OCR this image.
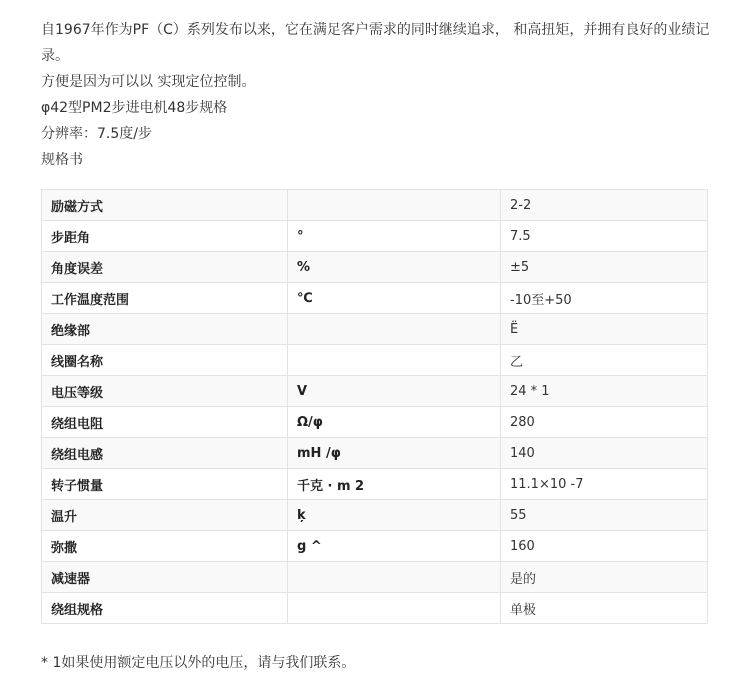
自1967年作为PF（C）系列发布以来，它在满足客户需求的同时继续追求， 和高扭矩，并拥有良好的业绩记录。

方便是因为可以以 实现定位控制。

φ42型PM2步进电机48步规格

分辨率：7.5度/步

规格书

励磁方式		2-2
步距角	°	7.5
角度误差	%	±5
工作温度范围	℃	-10至+50
绝缘部		Ë
线圈名称		乙
电压等级	V	24 * 1
绕组电阻	Ω/φ	280
绕组电感	mH /φ	140
转子惯量	千克 · m 2	11.1×10 -7
温升	ķ	55
弥撒	g ^	160
减速器		是的
绕组规格		单极

* 1如果使用额定电压以外的电压，请与我们联系。
